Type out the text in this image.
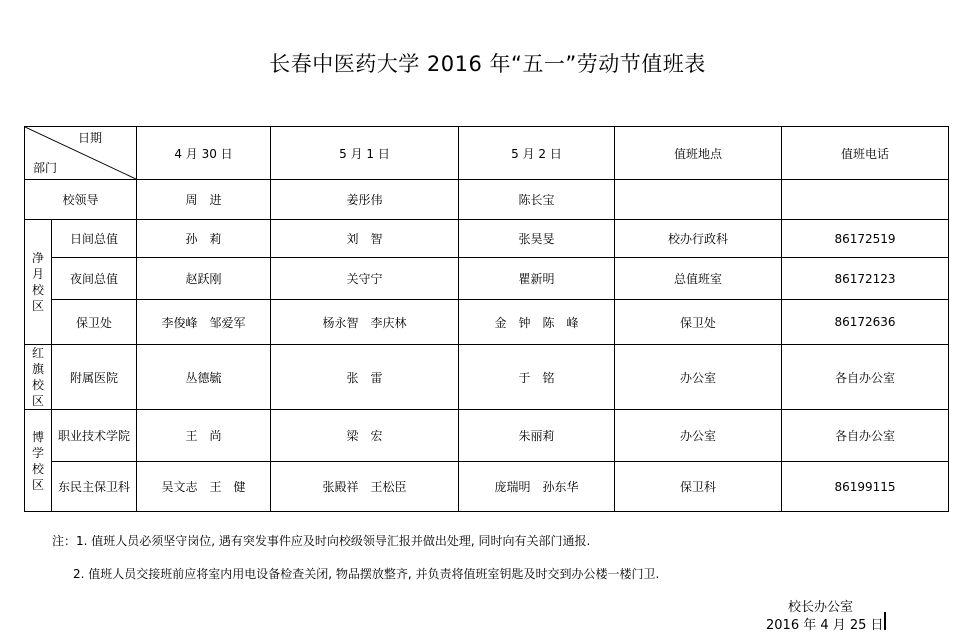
长春中医药大学 2016 年“五一”劳动节值班表
日期
部门		4 月 30 日	5 月 1 日	5 月 2 日	值班地点	值班电话
校领导		周　进	姜彤伟	陈长宝		

净
月
校
区	日间总值	孙　莉	刘　智	张昊旻	校办行政科	86172519
	夜间总值	赵跃刚	关守宁	瞿新明	总值班室	86172123
	保卫处	李俊峰　邹爱军	杨永智　李庆林	金　钟　陈　峰	保卫处	86172636

红
旗
校
区	附属医院	丛德毓	张　雷	于　铭	办公室	各自办公室

博
学
校
区	职业技术学院	王　尚	梁　宏	朱丽莉	办公室	各自办公室
	东民主保卫科	吴文志　王　健	张殿祥　王松臣	庞瑞明　孙东华	保卫科	86199115
注：1. 值班人员必须坚守岗位, 遇有突发事件应及时向校级领导汇报并做出处理, 同时向有关部门通报.
2. 值班人员交接班前应将室内用电设备检查关闭, 物品摆放整齐, 并负责将值班室钥匙及时交到办公楼一楼门卫.
校长办公室
2016 年 4 月 25 日
